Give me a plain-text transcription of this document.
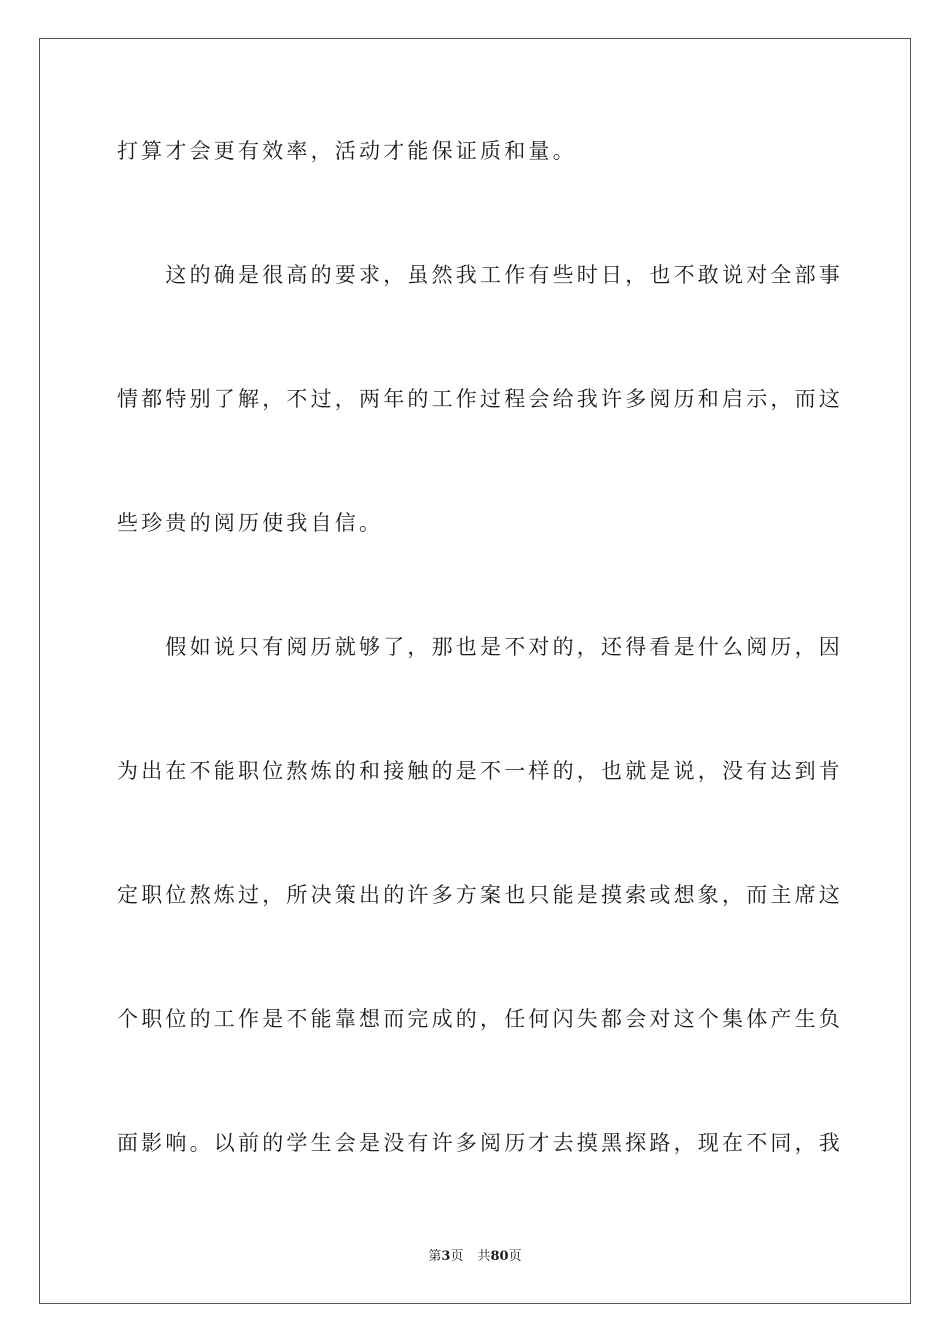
打算才会更有效率，活动才能保证质和量。
　　这的确是很高的要求，虽然我工作有些时日，也不敢说对全部事
情都特别了解，不过，两年的工作过程会给我许多阅历和启示，而这
些珍贵的阅历使我自信。
　　假如说只有阅历就够了，那也是不对的，还得看是什么阅历，因
为出在不能职位熬炼的和接触的是不一样的，也就是说，没有达到肯
定职位熬炼过，所决策出的许多方案也只能是摸索或想象，而主席这
个职位的工作是不能靠想而完成的，任何闪失都会对这个集体产生负
面影响。以前的学生会是没有许多阅历才去摸黑探路，现在不同，我
第3页 共80页
